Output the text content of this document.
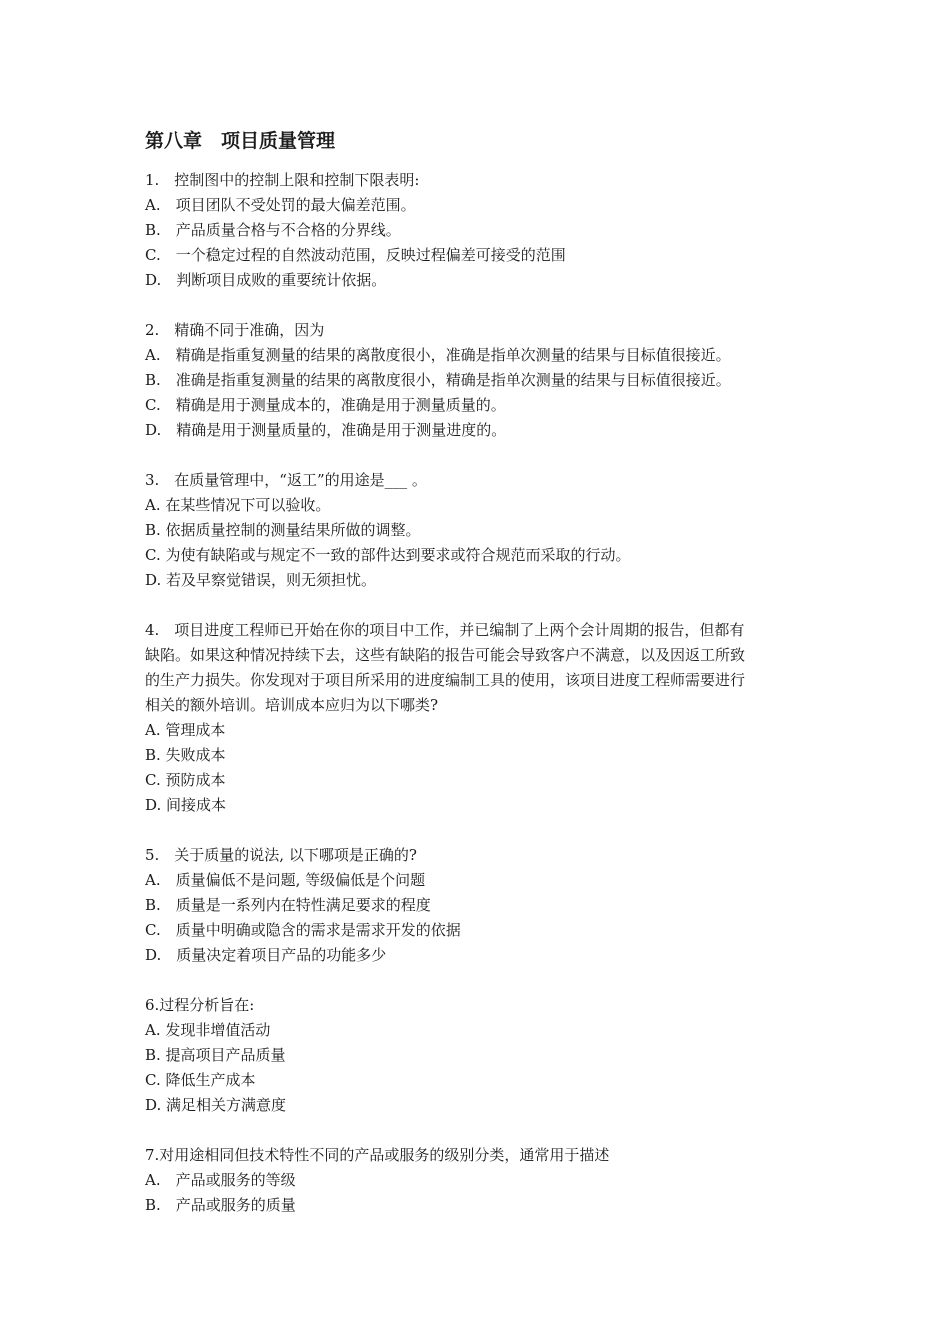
第八章　项目质量管理
1.　控制图中的控制上限和控制下限表明:
A.　项目团队不受处罚的最大偏差范围。
B.　产品质量合格与不合格的分界线。
C.　一个稳定过程的自然波动范围，反映过程偏差可接受的范围
D.　判断项目成败的重要统计依据。
2.　精确不同于准确，因为
A.　精确是指重复测量的结果的离散度很小，准确是指单次测量的结果与目标值很接近。
B.　准确是指重复测量的结果的离散度很小，精确是指单次测量的结果与目标值很接近。
C.　精确是用于测量成本的，准确是用于测量质量的。
D.　精确是用于测量质量的，准确是用于测量进度的。
3.　在质量管理中，“返工”的用途是___ 。
A. 在某些情况下可以验收。
B. 依据质量控制的测量结果所做的调整。
C. 为使有缺陷或与规定不一致的部件达到要求或符合规范而采取的行动。
D. 若及早察觉错误，则无须担忧。
4.　项目进度工程师已开始在你的项目中工作，并已编制了上两个会计周期的报告，但都有
缺陷。如果这种情况持续下去，这些有缺陷的报告可能会导致客户不满意，以及因返工所致
的生产力损失。你发现对于项目所采用的进度编制工具的使用，该项目进度工程师需要进行
相关的额外培训。培训成本应归为以下哪类?
A. 管理成本
B. 失败成本
C. 预防成本
D. 间接成本
5.　关于质量的说法, 以下哪项是正确的?
A.　质量偏低不是问题, 等级偏低是个问题
B.　质量是一系列内在特性满足要求的程度
C.　质量中明确或隐含的需求是需求开发的依据
D.　质量决定着项目产品的功能多少
6.过程分析旨在:
A. 发现非增值活动
B. 提高项目产品质量
C. 降低生产成本
D. 满足相关方满意度
7.对用途相同但技术特性不同的产品或服务的级别分类，通常用于描述
A.　产品或服务的等级
B.　产品或服务的质量
